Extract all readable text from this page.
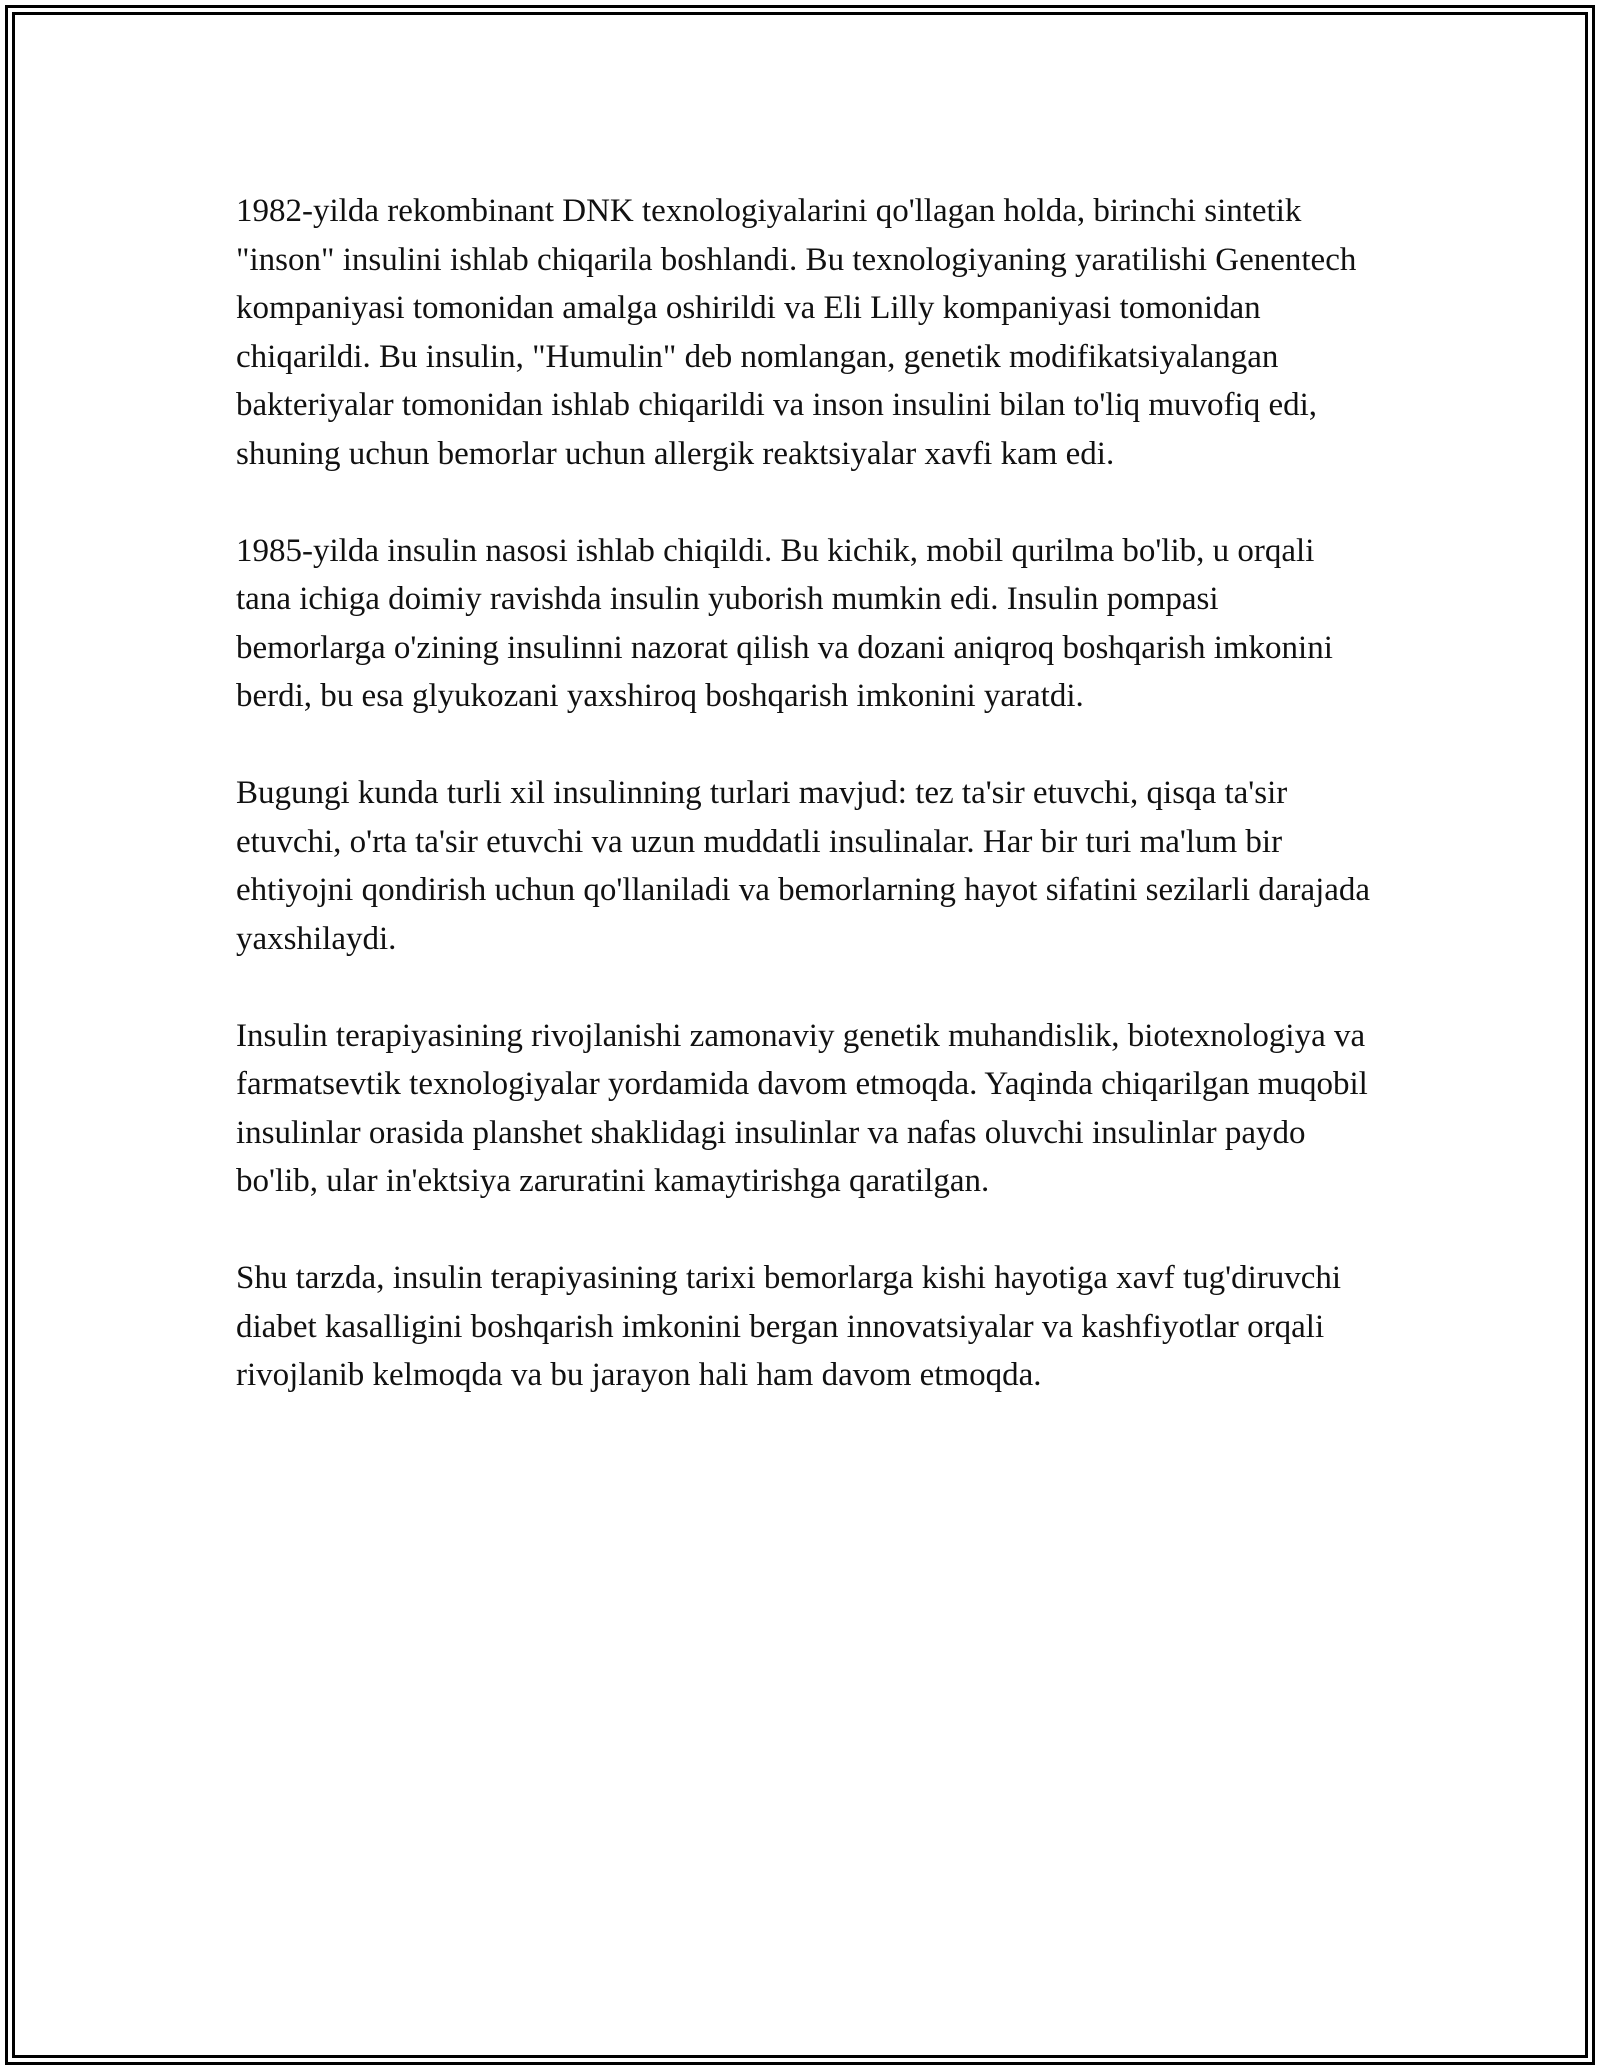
1982-yilda rekombinant DNK texnologiyalarini qo'llagan holda, birinchi sintetik "inson" insulini ishlab chiqarila boshlandi. Bu texnologiyaning yaratilishi Genentech kompaniyasi tomonidan amalga oshirildi va Eli Lilly kompaniyasi tomonidan chiqarildi. Bu insulin, "Humulin" deb nomlangan, genetik modifikatsiyalangan bakteriyalar tomonidan ishlab chiqarildi va inson insulini bilan to'liq muvofiq edi, shuning uchun bemorlar uchun allergik reaktsiyalar xavfi kam edi.

1985-yilda insulin nasosi ishlab chiqildi. Bu kichik, mobil qurilma bo'lib, u orqali tana ichiga doimiy ravishda insulin yuborish mumkin edi. Insulin pompasi bemorlarga o'zining insulinni nazorat qilish va dozani aniqroq boshqarish imkonini berdi, bu esa glyukozani yaxshiroq boshqarish imkonini yaratdi.

Bugungi kunda turli xil insulinning turlari mavjud: tez ta'sir etuvchi, qisqa ta'sir etuvchi, o'rta ta'sir etuvchi va uzun muddatli insulinalar. Har bir turi ma'lum bir ehtiyojni qondirish uchun qo'llaniladi va bemorlarning hayot sifatini sezilarli darajada yaxshilaydi.

Insulin terapiyasining rivojlanishi zamonaviy genetik muhandislik, biotexnologiya va farmatsevtik texnologiyalar yordamida davom etmoqda. Yaqinda chiqarilgan muqobil insulinlar orasida planshet shaklidagi insulinlar va nafas oluvchi insulinlar paydo bo'lib, ular in'ektsiya zaruratini kamaytirishga qaratilgan.

Shu tarzda, insulin terapiyasining tarixi bemorlarga kishi hayotiga xavf tug'diruvchi diabet kasalligini boshqarish imkonini bergan innovatsiyalar va kashfiyotlar orqali rivojlanib kelmoqda va bu jarayon hali ham davom etmoqda.
